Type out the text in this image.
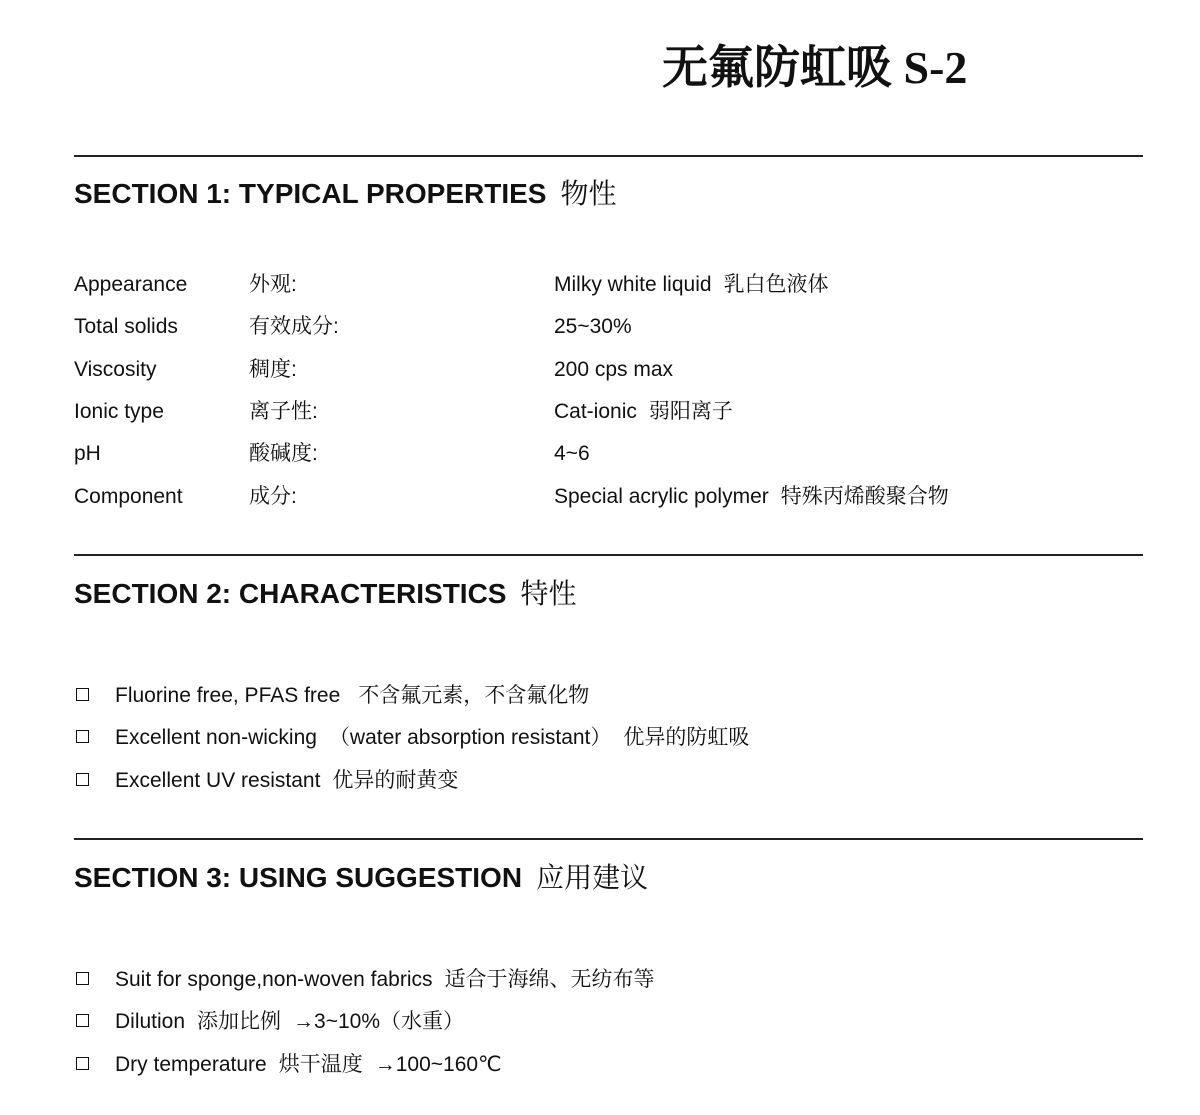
无氟防虹吸 S-2
SECTION 1: TYPICAL PROPERTIES 物性
Appearance	外观:	Milky white liquid 乳白色液体
Total solids	有效成分:	25~30%
Viscosity	稠度:	200 cps max
Ionic type	离子性:	Cat-ionic 弱阳离子
pH	酸碱度:	4~6
Component	成分:	Special acrylic polymer 特殊丙烯酸聚合物
SECTION 2: CHARACTERISTICS 特性
Fluorine free, PFAS free 不含氟元素，不含氟化物
Excellent non-wicking （water absorption resistant） 优异的防虹吸
Excellent UV resistant 优异的耐黄变
SECTION 3: USING SUGGESTION 应用建议
Suit for sponge,non-woven fabrics 适合于海绵、无纺布等
Dilution 添加比例 →3~10%（水重）
Dry temperature 烘干温度 →100~160℃
